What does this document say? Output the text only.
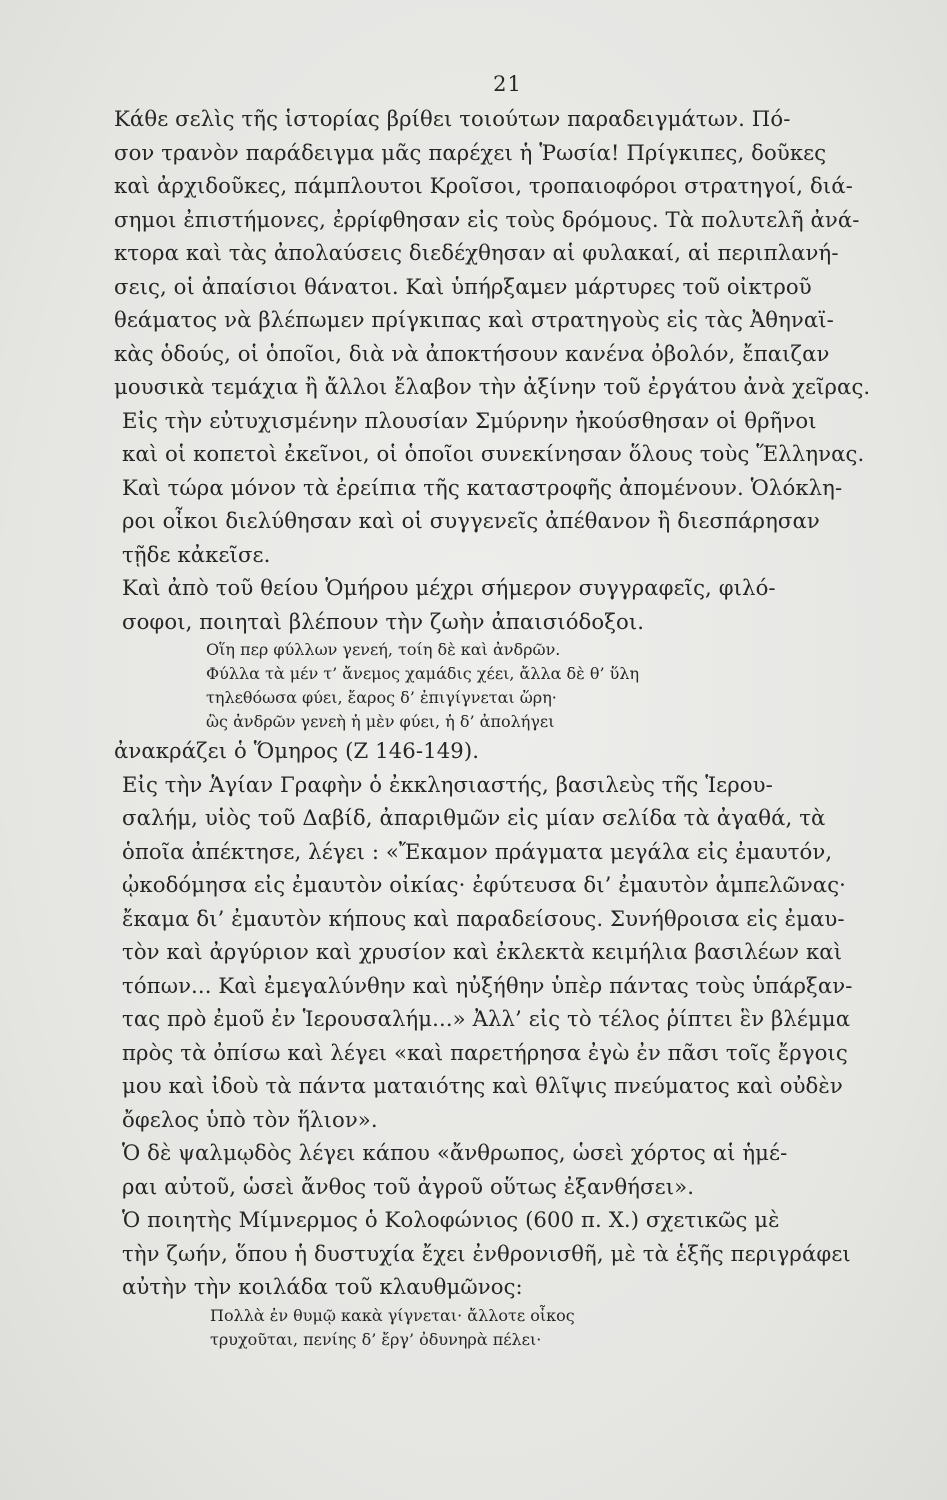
21

Κάθε σελὶς τῆς ἱστορίας βρίθει τοιούτων παραδειγμάτων. Πό-
σον τρανὸν παράδειγμα μᾶς παρέχει ἡ Ῥωσία! Πρίγκιπες, δοῦκες
καὶ ἀρχιδοῦκες, πάμπλουτοι Κροῖσοι, τροπαιοφόροι στρατηγοί, διά-
σημοι ἐπιστήμονες, ἐρρίφθησαν εἰς τοὺς δρόμους. Τὰ πολυτελῆ ἀνά-
κτορα καὶ τὰς ἀπολαύσεις διεδέχθησαν αἱ φυλακαί, αἱ περιπλανή-
σεις, οἱ ἀπαίσιοι θάνατοι. Καὶ ὑπήρξαμεν μάρτυρες τοῦ οἰκτροῦ
θεάματος νὰ βλέπωμεν πρίγκιπας καὶ στρατηγοὺς εἰς τὰς Ἀθηναϊ-
κὰς ὁδούς, οἱ ὁποῖοι, διὰ νὰ ἀποκτήσουν κανένα ὀβολόν, ἔπαιζαν
μουσικὰ τεμάχια ἢ ἄλλοι ἔλαβον τὴν ἀξίνην τοῦ ἐργάτου ἀνὰ χεῖρας.

Εἰς τὴν εὐτυχισμένην πλουσίαν Σμύρνην ἠκούσθησαν οἱ θρῆνοι
καὶ οἱ κοπετοὶ ἐκεῖνοι, οἱ ὁποῖοι συνεκίνησαν ὅλους τοὺς Ἕλληνας.
Καὶ τώρα μόνον τὰ ἐρείπια τῆς καταστροφῆς ἀπομένουν. Ὁλόκλη-
ροι οἶκοι διελύθησαν καὶ οἱ συγγενεῖς ἀπέθανον ἢ διεσπάρησαν
τῇδε κἀκεῖσε.

Καὶ ἀπὸ τοῦ θείου Ὁμήρου μέχρι σήμερον συγγραφεῖς, φιλό-
σοφοι, ποιηταὶ βλέπουν τὴν ζωὴν ἀπαισιόδοξοι.

Οἵη περ φύλλων γενεή, τοίη δὲ καὶ ἀνδρῶν.
Φύλλα τὰ μέν τ’ ἄνεμος χαμάδις χέει, ἄλλα δὲ θ’ ὕλη
τηλεθόωσα φύει, ἔαρος δ’ ἐπιγίγνεται ὥρη·
ὣς ἀνδρῶν γενεὴ ἡ μὲν φύει, ἡ δ’ ἀπολήγει

ἀνακράζει ὁ Ὅμηρος (Ζ 146-149).

Εἰς τὴν Ἁγίαν Γραφὴν ὁ ἐκκλησιαστής, βασιλεὺς τῆς Ἱερου-
σαλήμ, υἱὸς τοῦ Δαβίδ, ἀπαριθμῶν εἰς μίαν σελίδα τὰ ἀγαθά, τὰ
ὁποῖα ἀπέκτησε, λέγει : «Ἔκαμον πράγματα μεγάλα εἰς ἐμαυτόν,
ᾠκοδόμησα εἰς ἐμαυτὸν οἰκίας· ἐφύτευσα δι’ ἐμαυτὸν ἀμπελῶνας·
ἔκαμα δι’ ἐμαυτὸν κήπους καὶ παραδείσους. Συνήθροισα εἰς ἐμαυ-
τὸν καὶ ἀργύριον καὶ χρυσίον καὶ ἐκλεκτὰ κειμήλια βασιλέων καὶ
τόπων... Καὶ ἐμεγαλύνθην καὶ ηὐξήθην ὑπὲρ πάντας τοὺς ὑπάρξαν-
τας πρὸ ἐμοῦ ἐν Ἱερουσαλήμ...» Ἀλλ’ εἰς τὸ τέλος ῥίπτει ἓν βλέμμα
πρὸς τὰ ὀπίσω καὶ λέγει «καὶ παρετήρησα ἐγὼ ἐν πᾶσι τοῖς ἔργοις
μου καὶ ἰδοὺ τὰ πάντα ματαιότης καὶ θλῖψις πνεύματος καὶ οὐδὲν
ὄφελος ὑπὸ τὸν ἥλιον».

Ὁ δὲ ψαλμῳδὸς λέγει κάπου «ἄνθρωπος, ὡσεὶ χόρτος αἱ ἡμέ-
ραι αὐτοῦ, ὡσεὶ ἄνθος τοῦ ἀγροῦ οὕτως ἐξανθήσει».

Ὁ ποιητὴς Μίμνερμος ὁ Κολοφώνιος (600 π. Χ.) σχετικῶς μὲ
τὴν ζωήν, ὅπου ἡ δυστυχία ἔχει ἐνθρονισθῆ, μὲ τὰ ἑξῆς περιγράφει
αὐτὴν τὴν κοιλάδα τοῦ κλαυθμῶνος:

Πολλὰ ἐν θυμῷ κακὰ γίγνεται· ἄλλοτε οἶκος
τρυχοῦται, πενίης δ’ ἔργ’ ὀδυνηρὰ πέλει·
